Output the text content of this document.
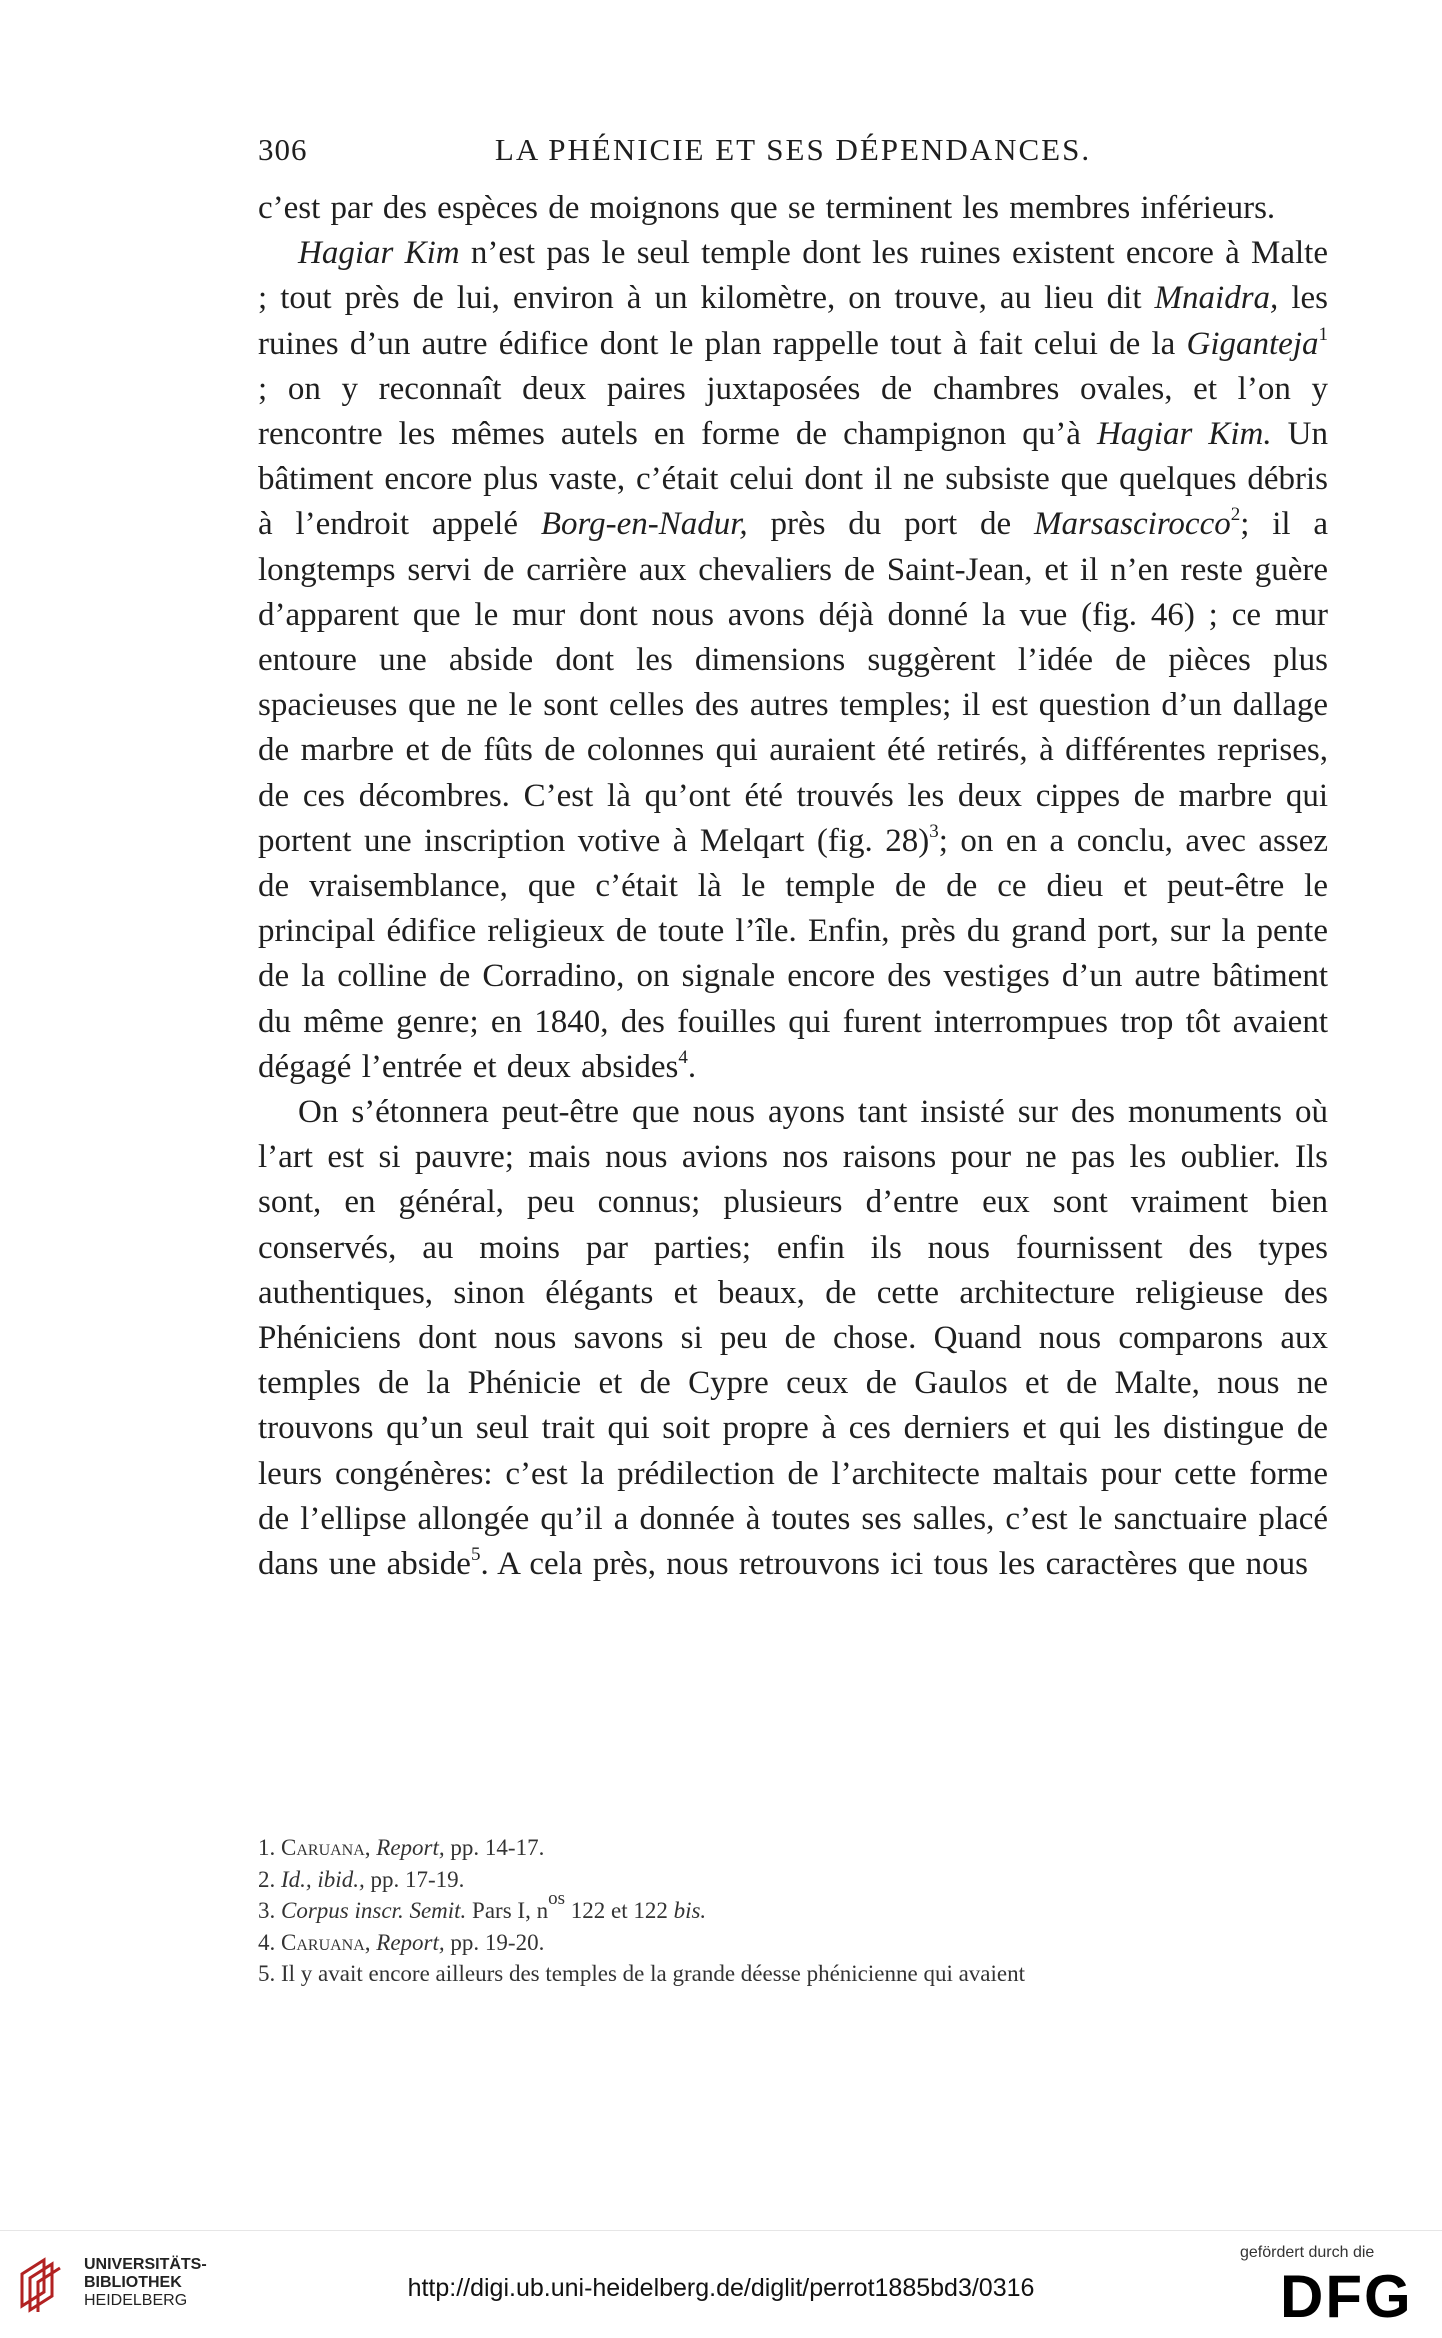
306	LA PHÉNICIE ET SES DÉPENDANCES.

c’est par des espèces de moignons que se terminent les membres inférieurs.

Hagiar Kim n’est pas le seul temple dont les ruines existent encore à Malte ; tout près de lui, environ à un kilomètre, on trouve, au lieu dit Mnaidra, les ruines d’un autre édifice dont le plan rappelle tout à fait celui de la Giganteja$^1$ ; on y reconnaît deux paires juxtaposées de chambres ovales, et l’on y rencontre les mêmes autels en forme de champignon qu’à Hagiar Kim. Un bâtiment encore plus vaste, c’était celui dont il ne subsiste que quelques débris à l’endroit appelé Borg-en-Nadur, près du port de Marsascirocco$^2$; il a longtemps servi de carrière aux chevaliers de Saint-Jean, et il n’en reste guère d’apparent que le mur dont nous avons déjà donné la vue (fig. 46) ; ce mur entoure une abside dont les dimensions suggèrent l’idée de pièces plus spacieuses que ne le sont celles des autres temples; il est question d’un dallage de marbre et de fûts de colonnes qui auraient été retirés, à différentes reprises, de ces décombres. C’est là qu’ont été trouvés les deux cippes de marbre qui portent une inscription votive à Melqart (fig. 28)$^3$; on en a conclu, avec assez de vraisemblance, que c’était là le temple de de ce dieu et peut-être le principal édifice religieux de toute l’île. Enfin, près du grand port, sur la pente de la colline de Corradino, on signale encore des vestiges d’un autre bâtiment du même genre; en 1840, des fouilles qui furent interrompues trop tôt avaient dégagé l’entrée et deux absides$^4$.

On s’étonnera peut-être que nous ayons tant insisté sur des monuments où l’art est si pauvre; mais nous avions nos raisons pour ne pas les oublier. Ils sont, en général, peu connus; plusieurs d’entre eux sont vraiment bien conservés, au moins par parties; enfin ils nous fournissent des types authentiques, sinon élégants et beaux, de cette architecture religieuse des Phéniciens dont nous savons si peu de chose. Quand nous comparons aux temples de la Phénicie et de Cypre ceux de Gaulos et de Malte, nous ne trouvons qu’un seul trait qui soit propre à ces derniers et qui les distingue de leurs congénères: c’est la prédilection de l’architecte maltais pour cette forme de l’ellipse allongée qu’il a donnée à toutes ses salles, c’est le sanctuaire placé dans une abside$^5$. A cela près, nous retrouvons ici tous les caractères que nous

1. Caruana, Report, pp. 14-17.

2. Id., ibid., pp. 17-19.

3. Corpus inscr. Semit. Pars I, $n^{os}$ 122 et 122 bis.

4. Caruana, Report, pp. 19-20.

5. Il y avait encore ailleurs des temples de la grande déesse phénicienne qui avaient

UNIVERSITÄTS-
BIBLIOTHEK
HEIDELBERG	http://digi.ub.uni-heidelberg.de/diglit/perrot1885bd3/0316
gefördert durch die
DFG
